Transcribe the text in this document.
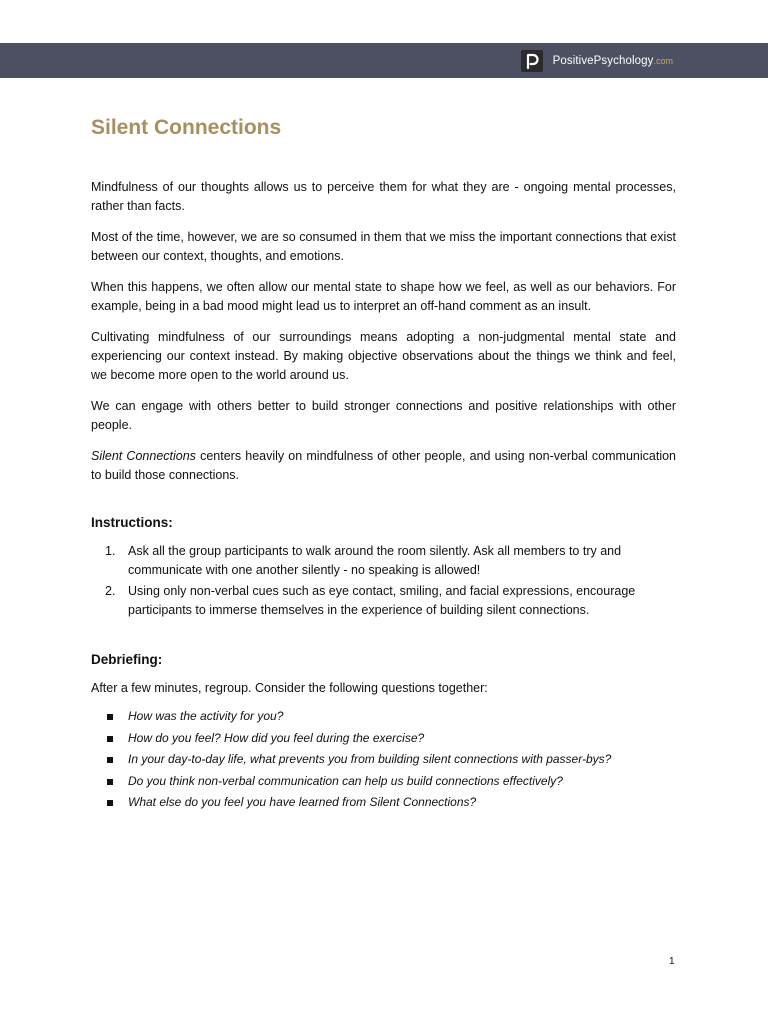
PositivePsychology .com
Silent Connections

Mindfulness of our thoughts allows us to perceive them for what they are - ongoing mental processes, rather than facts.

Most of the time, however, we are so consumed in them that we miss the important connections that exist between our context, thoughts, and emotions.

When this happens, we often allow our mental state to shape how we feel, as well as our behaviors. For example, being in a bad mood might lead us to interpret an off-hand comment as an insult.

Cultivating mindfulness of our surroundings means adopting a non-judgmental mental state and experiencing our context instead. By making objective observations about the things we think and feel, we become more open to the world around us.

We can engage with others better to build stronger connections and positive relationships with other people.

Silent Connections centers heavily on mindfulness of other people, and using non-verbal communication to build those connections.

Instructions:
1. Ask all the group participants to walk around the room silently. Ask all members to try and communicate with one another silently - no speaking is allowed!
2. Using only non-verbal cues such as eye contact, smiling, and facial expressions, encourage participants to immerse themselves in the experience of building silent connections.
Debriefing:

After a few minutes, regroup. Consider the following questions together:

How was the activity for you?
How do you feel? How did you feel during the exercise?
In your day-to-day life, what prevents you from building silent connections with passer-bys?
Do you think non-verbal communication can help us build connections effectively?
What else do you feel you have learned from Silent Connections?
1
